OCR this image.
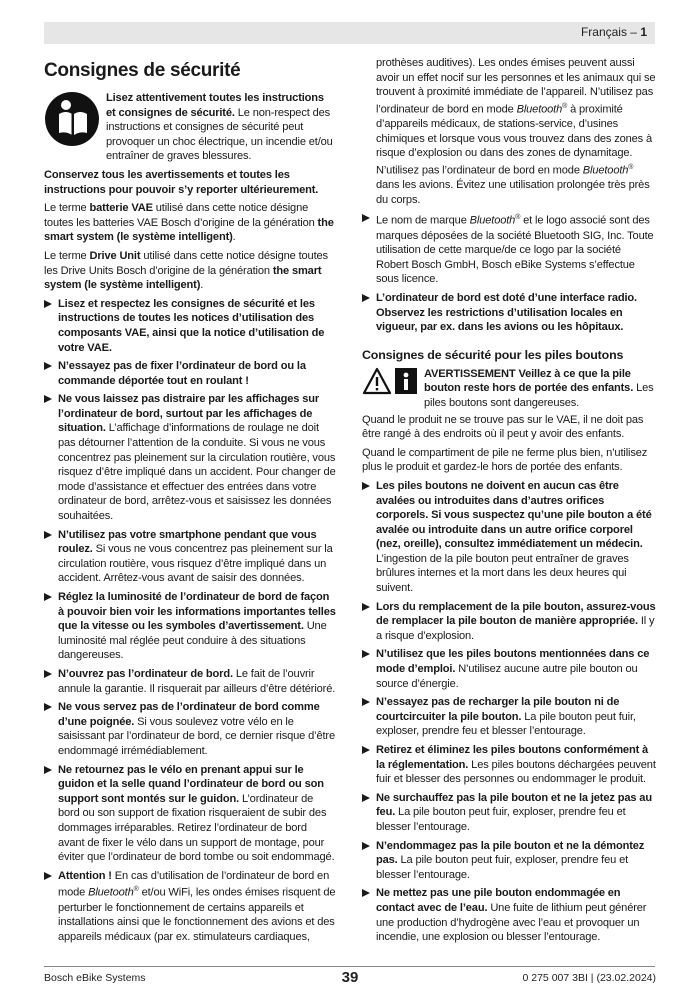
Français – 1
Consignes de sécurité
Lisez attentivement toutes les instructions et consignes de sécurité. Le non-respect des instructions et consignes de sécurité peut provoquer un choc électrique, un incendie et/ou entraîner de graves blessures.

Conservez tous les avertissements et toutes les instructions pour pouvoir s’y reporter ultérieurement.

Le terme batterie VAE utilisé dans cette notice désigne toutes les batteries VAE Bosch d’origine de la génération the smart system (le système intelligent).

Le terme Drive Unit utilisé dans cette notice désigne toutes les Drive Units Bosch d’origine de la génération the smart system (le système intelligent).

Lisez et respectez les consignes de sécurité et les instructions de toutes les notices d’utilisation des composants VAE, ainsi que la notice d’utilisation de votre VAE.
N’essayez pas de fixer l’ordinateur de bord ou la commande déportée tout en roulant !
Ne vous laissez pas distraire par les affichages sur l’ordinateur de bord, surtout par les affichages de situation. L’affichage d’informations de roulage ne doit pas détourner l’attention de la conduite. Si vous ne vous concentrez pas pleinement sur la circulation routière, vous risquez d’être impliqué dans un accident. Pour changer de mode d’assistance et effectuer des entrées dans votre ordinateur de bord, arrêtez-vous et saisissez les données souhaitées.
N’utilisez pas votre smartphone pendant que vous roulez. Si vous ne vous concentrez pas pleinement sur la circulation routière, vous risquez d’être impliqué dans un accident. Arrêtez-vous avant de saisir des données.
Réglez la luminosité de l’ordinateur de bord de façon à pouvoir bien voir les informations importantes telles que la vitesse ou les symboles d’avertissement. Une luminosité mal réglée peut conduire à des situations dangereuses.
N’ouvrez pas l’ordinateur de bord. Le fait de l’ouvrir annule la garantie. Il risquerait par ailleurs d’être détérioré.
Ne vous servez pas de l’ordinateur de bord comme d’une poignée. Si vous soulevez votre vélo en le saisissant par l’ordinateur de bord, ce dernier risque d’être endommagé irrémédiablement.
Ne retournez pas le vélo en prenant appui sur le guidon et la selle quand l’ordinateur de bord ou son support sont montés sur le guidon. L’ordinateur de bord ou son support de fixation risqueraient de subir des dommages irréparables. Retirez l’ordinateur de bord avant de fixer le vélo dans un support de montage, pour éviter que l’ordinateur de bord tombe ou soit endommagé.
Attention ! En cas d’utilisation de l’ordinateur de bord en mode Bluetooth® et/ou WiFi, les ondes émises risquent de perturber le fonctionnement de certains appareils et installations ainsi que le fonctionnement des avions et des appareils médicaux (par ex. stimulateurs cardiaques,

prothèses auditives). Les ondes émises peuvent aussi avoir un effet nocif sur les personnes et les animaux qui se trouvent à proximité immédiate de l’appareil. N’utilisez pas l’ordinateur de bord en mode Bluetooth® à proximité d’appareils médicaux, de stations-service, d’usines chimiques et lorsque vous vous trouvez dans des zones à risque d’explosion ou dans des zones de dynamitage. N’utilisez pas l’ordinateur de bord en mode Bluetooth® dans les avions. Évitez une utilisation prolongée très près du corps.

Le nom de marque Bluetooth® et le logo associé sont des marques déposées de la société Bluetooth SIG, Inc. Toute utilisation de cette marque/de ce logo par la société Robert Bosch GmbH, Bosch eBike Systems s’effectue sous licence.
L’ordinateur de bord est doté d’une interface radio. Observez les restrictions d’utilisation locales en vigueur, par ex. dans les avions ou les hôpitaux.
Consignes de sécurité pour les piles boutons
AVERTISSEMENT Veillez à ce que la pile bouton reste hors de portée des enfants. Les piles boutons sont dangereuses.

Quand le produit ne se trouve pas sur le VAE, il ne doit pas être rangé à des endroits où il peut y avoir des enfants.

Quand le compartiment de pile ne ferme plus bien, n’utilisez plus le produit et gardez-le hors de portée des enfants.

Les piles boutons ne doivent en aucun cas être avalées ou introduites dans d’autres orifices corporels. Si vous suspectez qu’une pile bouton a été avalée ou introduite dans un autre orifice corporel (nez, oreille), consultez immédiatement un médecin. L’ingestion de la pile bouton peut entraîner de graves brûlures internes et la mort dans les deux heures qui suivent.
Lors du remplacement de la pile bouton, assurez-vous de remplacer la pile bouton de manière appropriée. Il y a risque d’explosion.
N’utilisez que les piles boutons mentionnées dans ce mode d’emploi. N’utilisez aucune autre pile bouton ou source d’énergie.
N’essayez pas de recharger la pile bouton ni de courtcircuiter la pile bouton. La pile bouton peut fuir, exploser, prendre feu et blesser l’entourage.
Retirez et éliminez les piles boutons conformément à la réglementation. Les piles boutons déchargées peuvent fuir et blesser des personnes ou endommager le produit.
Ne surchauffez pas la pile bouton et ne la jetez pas au feu. La pile bouton peut fuir, exploser, prendre feu et blesser l’entourage.
N’endommagez pas la pile bouton et ne la démontez pas. La pile bouton peut fuir, exploser, prendre feu et blesser l’entourage.
Ne mettez pas une pile bouton endommagée en contact avec de l’eau. Une fuite de lithium peut générer une production d’hydrogène avec l’eau et provoquer un incendie, une explosion ou blesser l’entourage.
Bosch eBike Systems	39	0 275 007 3BI | (23.02.2024)
